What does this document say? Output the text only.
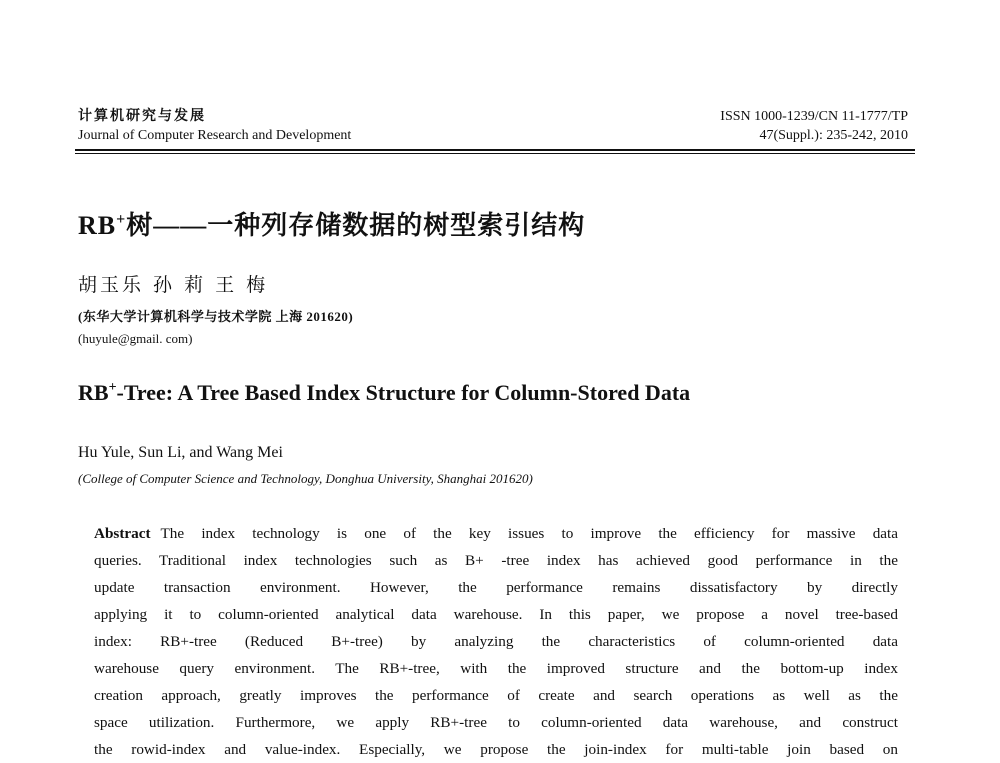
计算机研究与发展
Journal of Computer Research and Development
ISSN 1000-1239/CN 11-1777/TP
47(Suppl.): 235-242, 2010
RB+树——一种列存储数据的树型索引结构
胡玉乐 孙 莉 王 梅
(东华大学计算机科学与技术学院 上海 201620)
(huyule@gmail. com)
RB+-Tree: A Tree Based Index Structure for Column-Stored Data
Hu Yule, Sun Li, and Wang Mei
(College of Computer Science and Technology, Donghua University, Shanghai 201620)
Abstract The index technology is one of the key issues to improve the efficiency for massive data
queries. Traditional index technologies such as B+ -tree index has achieved good performance in the
update transaction environment. However, the performance remains dissatisfactory by directly
applying it to column-oriented analytical data warehouse. In this paper, we propose a novel tree-based
index: RB+-tree (Reduced B+-tree) by analyzing the characteristics of column-oriented data
warehouse query environment. The RB+-tree, with the improved structure and the bottom-up index
creation approach, greatly improves the performance of create and search operations as well as the
space utilization. Furthermore, we apply RB+-tree to column-oriented data warehouse, and construct
the rowid-index and value-index. Especially, we propose the join-index for multi-table join based on
